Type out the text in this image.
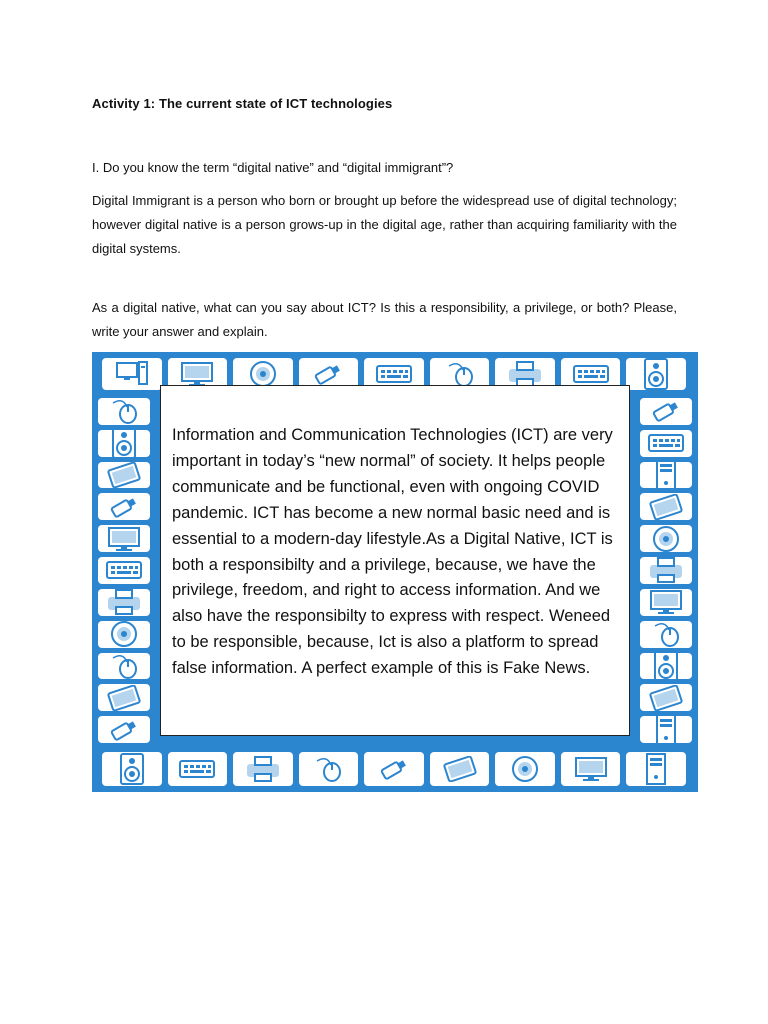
Activity 1: The current state of ICT technologies
I. Do you know the term “digital native” and “digital immigrant”?
Digital Immigrant is a person who born or brought up before the widespread use of digital technology; however digital native is a person grows-up in the digital age, rather than acquiring familiarity with the digital systems.
As a digital native, what can you say about ICT? Is this a responsibility, a privilege, or both? Please, write your answer and explain.
Information and Communication Technologies (ICT) are very important in today’s “new normal” of society. It helps people communicate and be functional, even with ongoing COVID pandemic. ICT has become a new normal basic need and is essential to a modern-day lifestyle.As a Digital Native, ICT is both a responsibilty and a privilege, because, we have the privilege, freedom, and right to access information. And we also have the responsibilty to express with respect. Weneed to be responsible, because, Ict is also a platform to spread false information. A perfect example of this is Fake News.
